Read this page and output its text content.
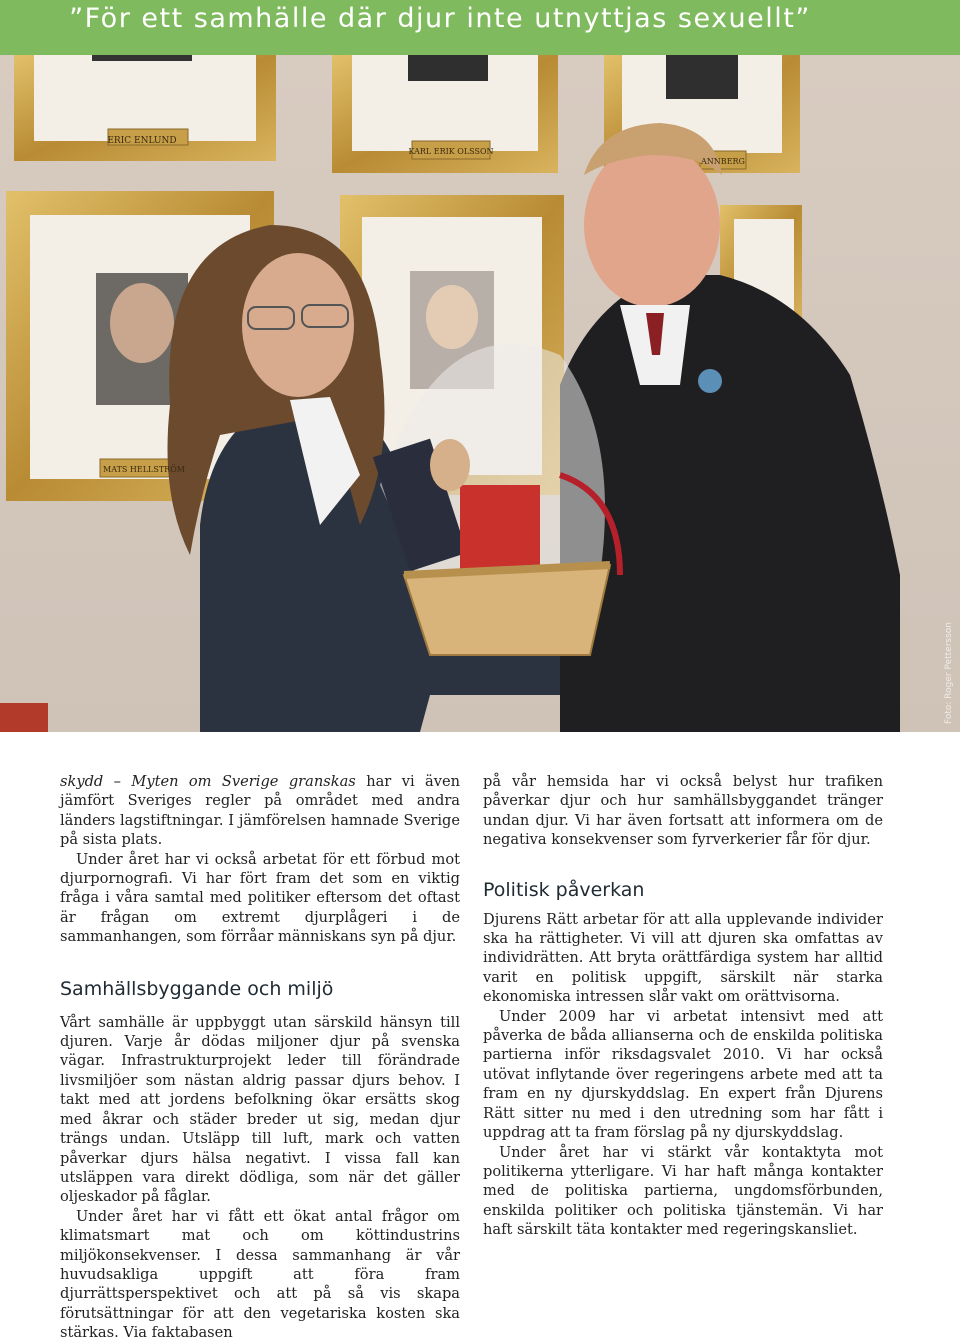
”För ett samhälle där djur inte utnyttjas sexuellt”
ERIC ENLUND
KARL ERIK OLSSON
ANNBERG
MATS HELLSTRÖM
Foto: Roger Pettersson

skydd – Myten om Sverige granskas har vi även jämfört Sveriges regler på området med andra länders lagstiftningar. I jämförelsen hamnade Sverige på sista plats.

Under året har vi också arbetat för ett förbud mot djurpornografi. Vi har fört fram det som en viktig fråga i våra samtal med politiker eftersom det oftast är frågan om extremt djurplågeri i de sammanhangen, som förråar människans syn på djur.

Samhällsbyggande och miljö

Vårt samhälle är uppbyggt utan särskild hänsyn till djuren. Varje år dödas miljoner djur på svenska vägar. Infrastrukturprojekt leder till förändrade livsmiljöer som nästan aldrig passar djurs behov. I takt med att jordens befolkning ökar ersätts skog med åkrar och städer breder ut sig, medan djur trängs undan. Utsläpp till luft, mark och vatten påverkar djurs hälsa negativt. I vissa fall kan utsläppen vara direkt dödliga, som när det gäller oljeskador på fåglar.

Under året har vi fått ett ökat antal frågor om klimatsmart mat och om köttindustrins miljökonsekvenser. I dessa sammanhang är vår huvudsakliga uppgift att föra fram djurrättsperspektivet och att på så vis skapa förutsättningar för att den vegetariska kosten ska stärkas. Via faktabasen

på vår hemsida har vi också belyst hur trafiken påverkar djur och hur samhällsbyggandet tränger undan djur. Vi har även fortsatt att informera om de negativa konsekvenser som fyrverkerier får för djur.

Politisk påverkan

Djurens Rätt arbetar för att alla upplevande individer ska ha rättigheter. Vi vill att djuren ska omfattas av individrätten. Att bryta orättfärdiga system har alltid varit en politisk uppgift, särskilt när starka ekonomiska intressen slår vakt om orättvisorna.

Under 2009 har vi arbetat intensivt med att påverka de båda allianserna och de enskilda politiska partierna inför riksdagsvalet 2010. Vi har också utövat inflytande över regeringens arbete med att ta fram en ny djurskyddslag. En expert från Djurens Rätt sitter nu med i den utredning som har fått i uppdrag att ta fram förslag på ny djurskyddslag.

Under året har vi stärkt vår kontaktyta mot politikerna ytterligare. Vi har haft många kontakter med de politiska partierna, ungdomsförbunden, enskilda politiker och politiska tjänstemän. Vi har haft särskilt täta kontakter med regeringskansliet.
